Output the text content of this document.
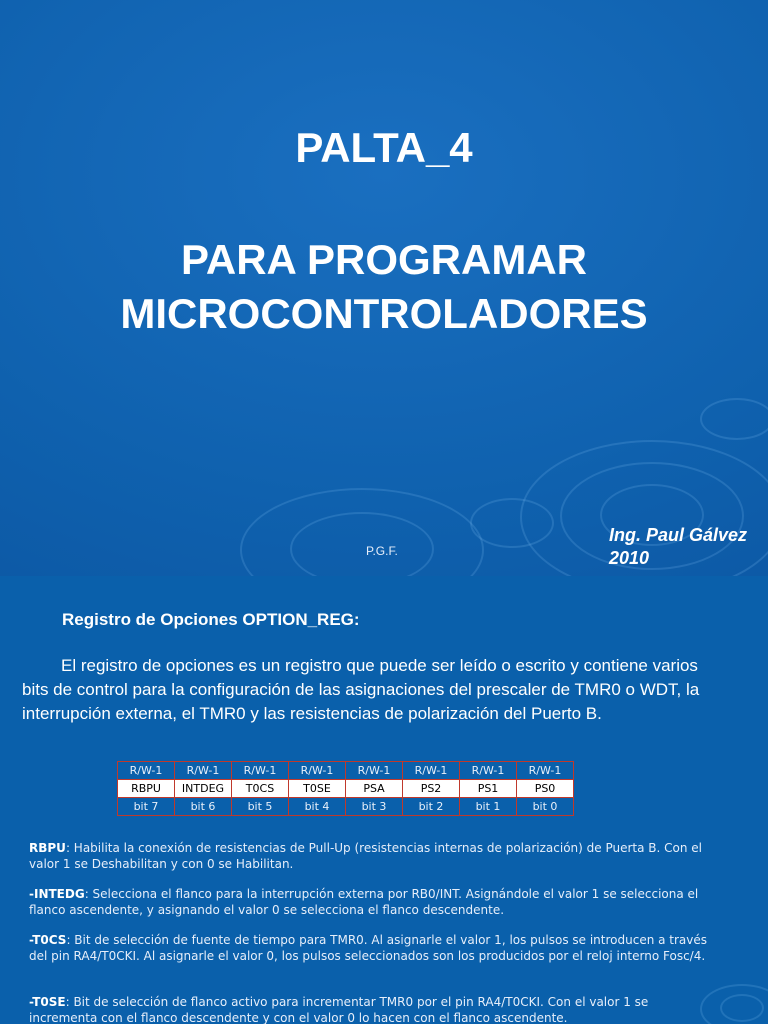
PALTA_4
PARA PROGRAMAR
MICROCONTROLADORES
P.G.F.
Ing. Paul Gálvez
2010
Registro de Opciones OPTION_REG:
El registro de opciones es un registro que puede ser leído o escrito y contiene varios bits de control para la configuración de las asignaciones del prescaler de TMR0 o WDT, la interrupción externa, el TMR0 y las resistencias de polarización del Puerto B.
R/W-1	R/W-1	R/W-1	R/W-1	R/W-1	R/W-1	R/W-1	R/W-1
RBPU	INTDEG	T0CS	T0SE	PSA	PS2	PS1	PS0
bit 7	bit 6	bit 5	bit 4	bit 3	bit 2	bit 1	bit 0
RBPU: Habilita la conexión de resistencias de Pull-Up (resistencias internas de polarización) de Puerta B. Con el valor 1 se Deshabilitan y con 0 se Habilitan.
-INTEDG: Selecciona el flanco para la interrupción externa por RB0/INT. Asignándole el valor 1 se selecciona el flanco ascendente, y asignando el valor 0 se selecciona el flanco descendente.
-T0CS: Bit de selección de fuente de tiempo para TMR0. Al asignarle el valor 1, los pulsos se introducen a través del pin RA4/T0CKI. Al asignarle el valor 0, los pulsos seleccionados son los producidos por el reloj interno Fosc/4.
-T0SE: Bit de selección de flanco activo para incrementar TMR0 por el pin RA4/T0CKI. Con el valor 1 se incrementa con el flanco descendente y con el valor 0 lo hacen con el flanco ascendente.
